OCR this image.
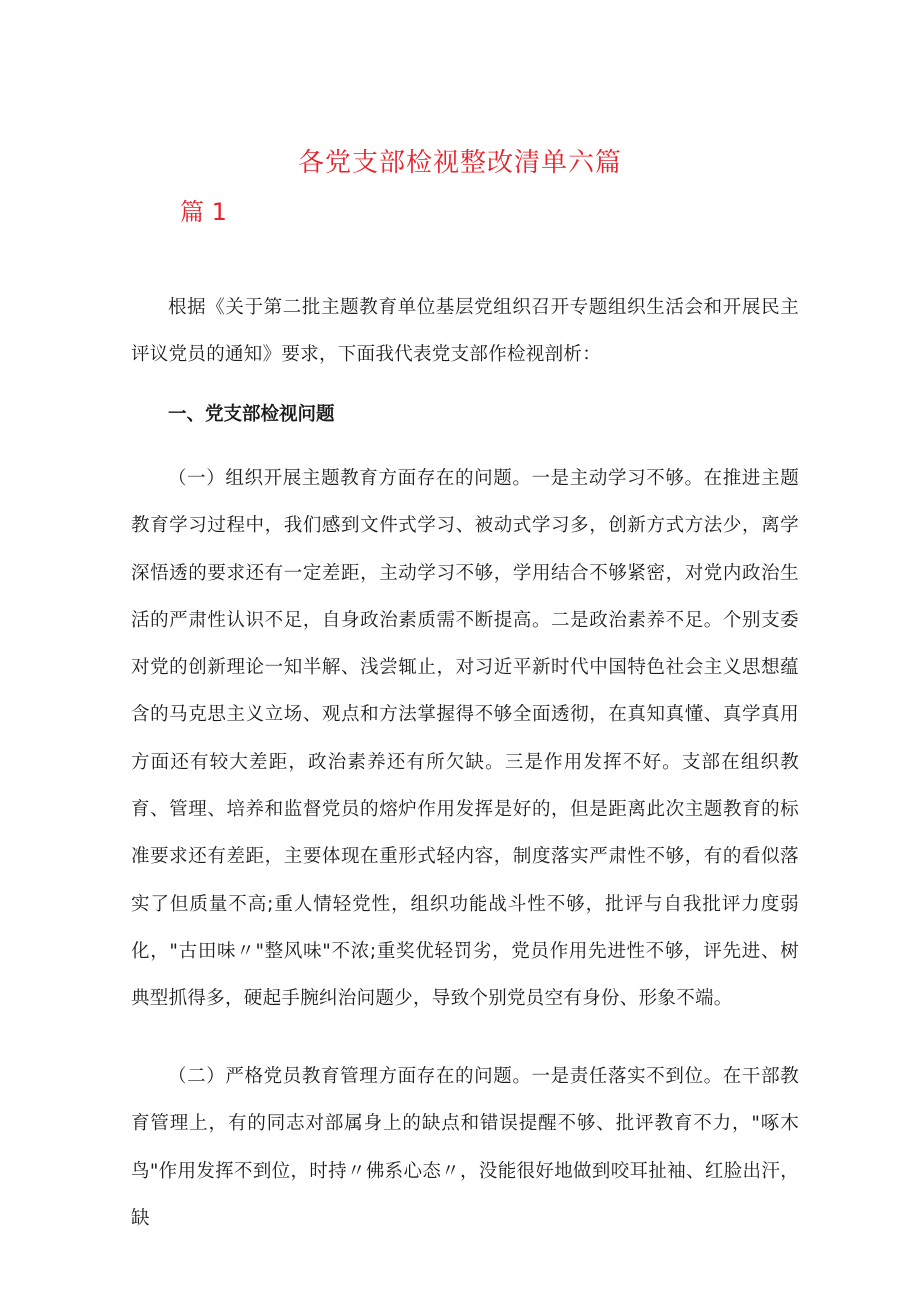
各党支部检视整改清单六篇
篇 1

根据《关于第二批主题教育单位基层党组织召开专题组织生活会和开展民主评议党员的通知》要求，下面我代表党支部作检视剖析：

一、党支部检视问题

（一）组织开展主题教育方面存在的问题。一是主动学习不够。在推进主题教育学习过程中，我们感到文件式学习、被动式学习多，创新方式方法少，离学深悟透的要求还有一定差距，主动学习不够，学用结合不够紧密，对党内政治生活的严肃性认识不足，自身政治素质需不断提高。二是政治素养不足。个别支委对党的创新理论一知半解、浅尝辄止，对习近平新时代中国特色社会主义思想蕴含的马克思主义立场、观点和方法掌握得不够全面透彻，在真知真懂、真学真用方面还有较大差距，政治素养还有所欠缺。三是作用发挥不好。支部在组织教育、管理、培养和监督党员的熔炉作用发挥是好的，但是距离此次主题教育的标准要求还有差距，主要体现在重形式轻内容，制度落实严肃性不够，有的看似落实了但质量不高;重人情轻党性，组织功能战斗性不够，批评与自我批评力度弱化，"古田味〃"整风味"不浓;重奖优轻罚劣，党员作用先进性不够，评先进、树典型抓得多，硬起手腕纠治问题少，导致个别党员空有身份、形象不端。

（二）严格党员教育管理方面存在的问题。一是责任落实不到位。在干部教育管理上，有的同志对部属身上的缺点和错误提醒不够、批评教育不力，"啄木鸟"作用发挥不到位，时持〃佛系心态〃，没能很好地做到咬耳扯袖、红脸出汗，缺
